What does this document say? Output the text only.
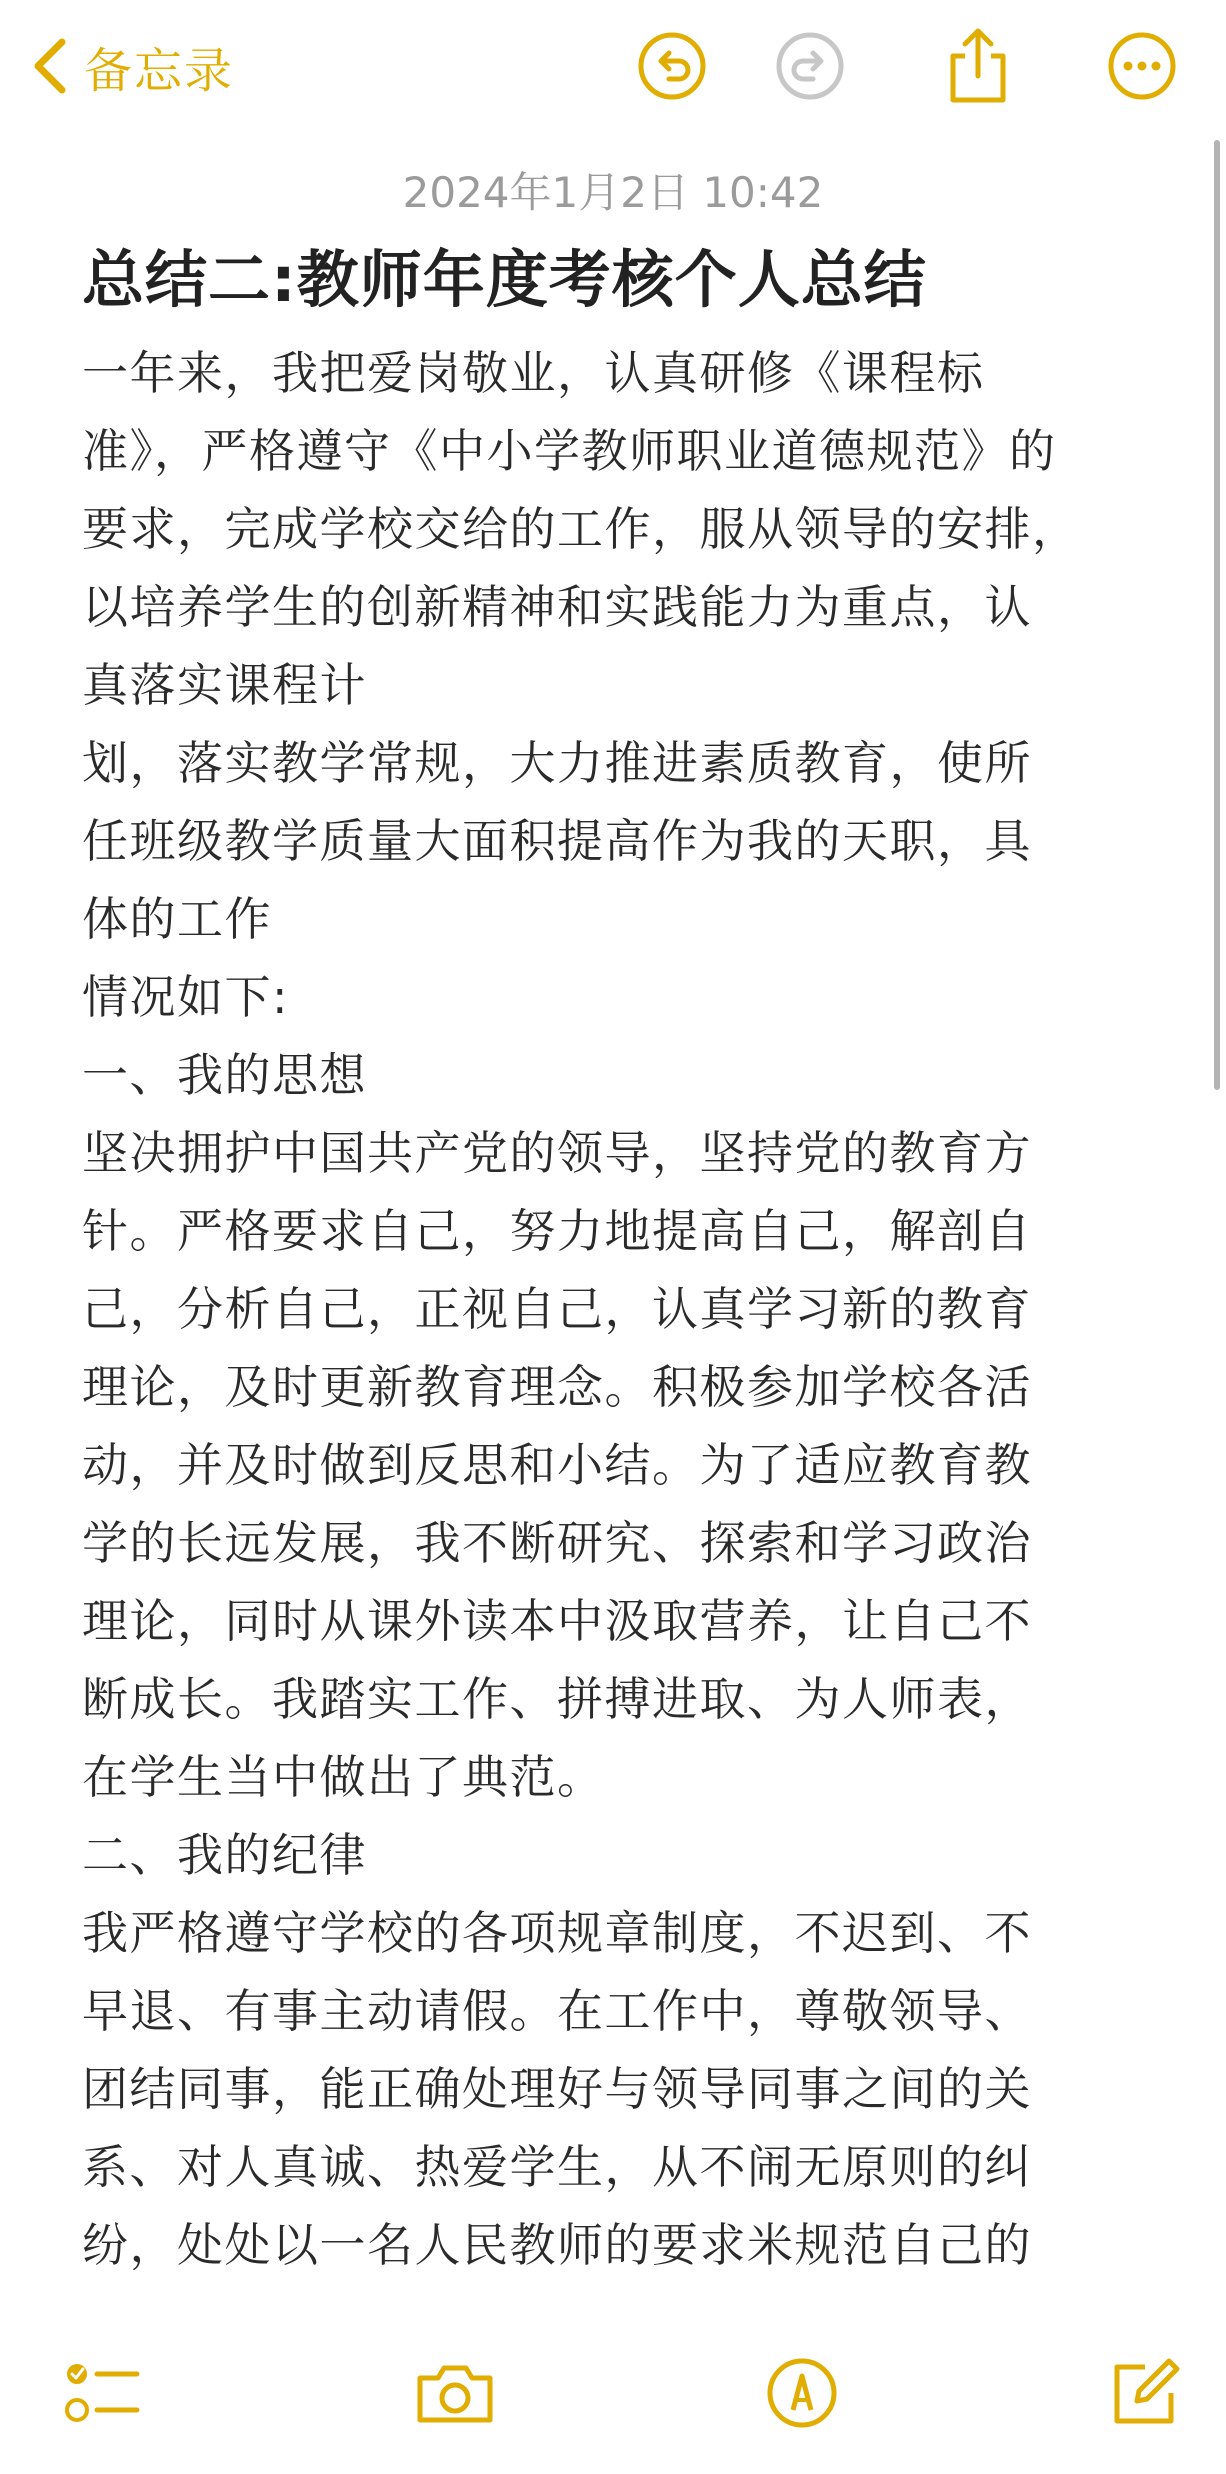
备忘录
2024年1月2日 10:42
总结二:教师年度考核个人总结
一年来，我把爱岗敬业，认真研修《课程标
准》，严格遵守《中小学教师职业道德规范》的
要求，完成学校交给的工作，服从领导的安排，
以培养学生的创新精神和实践能力为重点，认
真落实课程计
划，落实教学常规，大力推进素质教育，使所
任班级教学质量大面积提高作为我的天职，具
体的工作
情况如下:
一、我的思想
坚决拥护中国共产党的领导，坚持党的教育方
针。严格要求自己，努力地提高自己，解剖自
己，分析自己，正视自己，认真学习新的教育
理论，及时更新教育理念。积极参加学校各活
动，并及时做到反思和小结。为了适应教育教
学的长远发展，我不断研究、探索和学习政治
理论，同时从课外读本中汲取营养，让自己不
断成长。我踏实工作、拼搏进取、为人师表，
在学生当中做出了典范。
二、我的纪律
我严格遵守学校的各项规章制度，不迟到、不
早退、有事主动请假。在工作中，尊敬领导、
团结同事，能正确处理好与领导同事之间的关
系、对人真诚、热爱学生，从不闹无原则的纠
纷，处处以一名人民教师的要求米规范自己的
